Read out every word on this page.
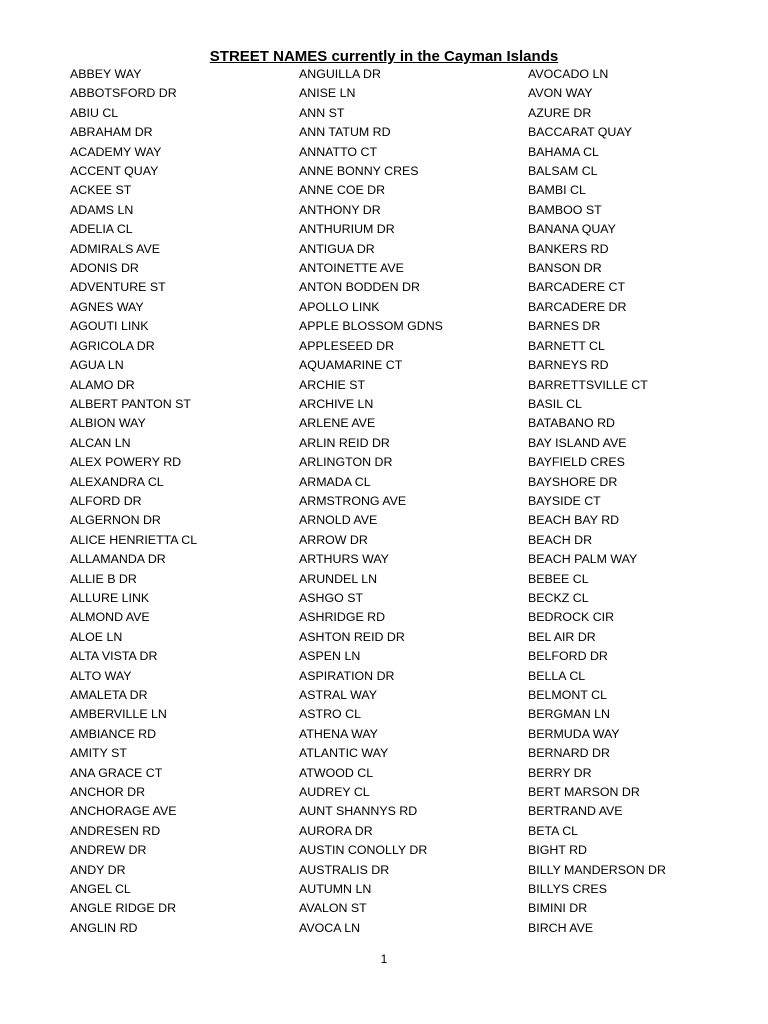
STREET NAMES currently in the Cayman Islands
ABBEY WAY
ABBOTSFORD DR
ABIU CL
ABRAHAM DR
ACADEMY WAY
ACCENT QUAY
ACKEE ST
ADAMS LN
ADELIA CL
ADMIRALS AVE
ADONIS DR
ADVENTURE ST
AGNES WAY
AGOUTI LINK
AGRICOLA DR
AGUA LN
ALAMO DR
ALBERT PANTON ST
ALBION WAY
ALCAN LN
ALEX POWERY RD
ALEXANDRA CL
ALFORD DR
ALGERNON DR
ALICE HENRIETTA CL
ALLAMANDA DR
ALLIE B DR
ALLURE LINK
ALMOND AVE
ALOE LN
ALTA VISTA DR
ALTO WAY
AMALETA DR
AMBERVILLE LN
AMBIANCE RD
AMITY ST
ANA GRACE CT
ANCHOR DR
ANCHORAGE AVE
ANDRESEN RD
ANDREW DR
ANDY DR
ANGEL CL
ANGLE RIDGE DR
ANGLIN RD
ANGUILLA DR
ANISE LN
ANN ST
ANN TATUM RD
ANNATTO CT
ANNE BONNY CRES
ANNE COE DR
ANTHONY DR
ANTHURIUM DR
ANTIGUA DR
ANTOINETTE AVE
ANTON BODDEN DR
APOLLO LINK
APPLE BLOSSOM GDNS
APPLESEED DR
AQUAMARINE CT
ARCHIE ST
ARCHIVE LN
ARLENE AVE
ARLIN REID DR
ARLINGTON DR
ARMADA CL
ARMSTRONG AVE
ARNOLD AVE
ARROW DR
ARTHURS WAY
ARUNDEL LN
ASHGO ST
ASHRIDGE RD
ASHTON REID DR
ASPEN LN
ASPIRATION DR
ASTRAL WAY
ASTRO CL
ATHENA WAY
ATLANTIC WAY
ATWOOD CL
AUDREY CL
AUNT SHANNYS RD
AURORA DR
AUSTIN CONOLLY DR
AUSTRALIS DR
AUTUMN LN
AVALON ST
AVOCA LN
AVOCADO LN
AVON WAY
AZURE DR
BACCARAT QUAY
BAHAMA CL
BALSAM CL
BAMBI CL
BAMBOO ST
BANANA QUAY
BANKERS RD
BANSON DR
BARCADERE CT
BARCADERE DR
BARNES DR
BARNETT CL
BARNEYS RD
BARRETTSVILLE CT
BASIL CL
BATABANO RD
BAY ISLAND AVE
BAYFIELD CRES
BAYSHORE DR
BAYSIDE CT
BEACH BAY RD
BEACH DR
BEACH PALM WAY
BEBEE CL
BECKZ CL
BEDROCK CIR
BEL AIR DR
BELFORD DR
BELLA CL
BELMONT CL
BERGMAN LN
BERMUDA WAY
BERNARD DR
BERRY DR
BERT MARSON DR
BERTRAND AVE
BETA CL
BIGHT RD
BILLY MANDERSON DR
BILLYS CRES
BIMINI DR
BIRCH AVE
1
